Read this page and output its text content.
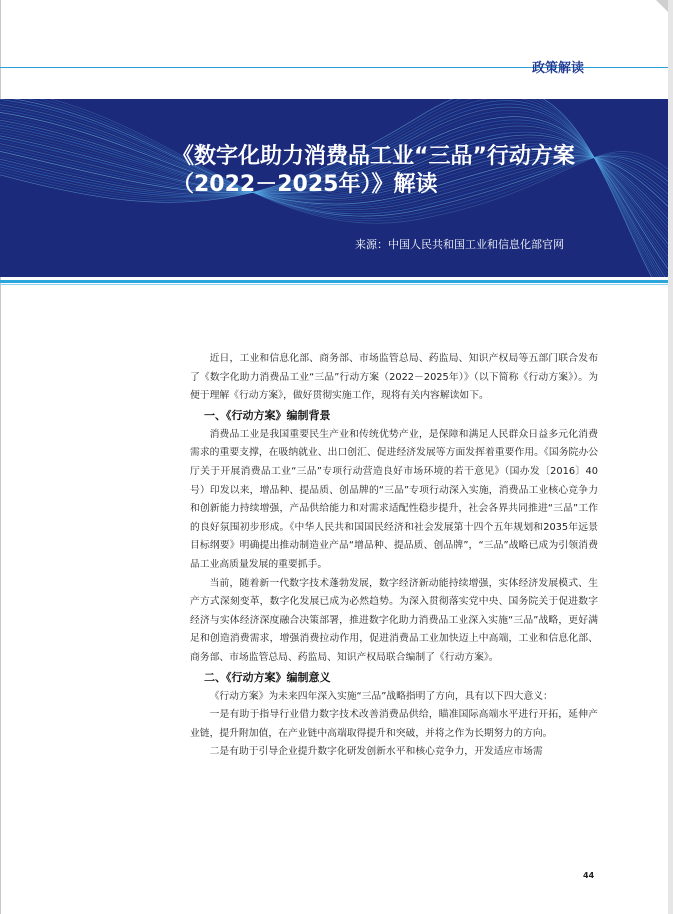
政策解读
《数字化助力消费品工业“三品”行动方案
（2022－2025年）》解读
来源：中国人民共和国工业和信息化部官网

近日，工业和信息化部、商务部、市场监管总局、药监局、知识产权局等五部门联合发布了《数字化助力消费品工业“三品”行动方案（2022－2025年）》（以下简称《行动方案》）。为便于理解《行动方案》，做好贯彻实施工作，现将有关内容解读如下。

一、《行动方案》编制背景

消费品工业是我国重要民生产业和传统优势产业，是保障和满足人民群众日益多元化消费需求的重要支撑，在吸纳就业、出口创汇、促进经济发展等方面发挥着重要作用。《国务院办公厅关于开展消费品工业“三品”专项行动营造良好市场环境的若干意见》（国办发〔2016〕40号）印发以来，增品种、提品质、创品牌的“三品”专项行动深入实施，消费品工业核心竞争力和创新能力持续增强，产品供给能力和对需求适配性稳步提升，社会各界共同推进“三品”工作的良好氛围初步形成。《中华人民共和国国民经济和社会发展第十四个五年规划和2035年远景目标纲要》明确提出推动制造业产品“增品种、提品质、创品牌”，“三品”战略已成为引领消费品工业高质量发展的重要抓手。

当前，随着新一代数字技术蓬勃发展，数字经济新动能持续增强，实体经济发展模式、生产方式深刻变革，数字化发展已成为必然趋势。为深入贯彻落实党中央、国务院关于促进数字经济与实体经济深度融合决策部署，推进数字化助力消费品工业深入实施“三品”战略，更好满足和创造消费需求，增强消费拉动作用，促进消费品工业加快迈上中高端，工业和信息化部、商务部、市场监管总局、药监局、知识产权局联合编制了《行动方案》。

二、《行动方案》编制意义

《行动方案》为未来四年深入实施“三品”战略指明了方向，具有以下四大意义：

一是有助于指导行业借力数字技术改善消费品供给，瞄准国际高端水平进行开拓，延伸产业链，提升附加值，在产业链中高端取得提升和突破，并将之作为长期努力的方向。

二是有助于引导企业提升数字化研发创新水平和核心竞争力，开发适应市场需

44
